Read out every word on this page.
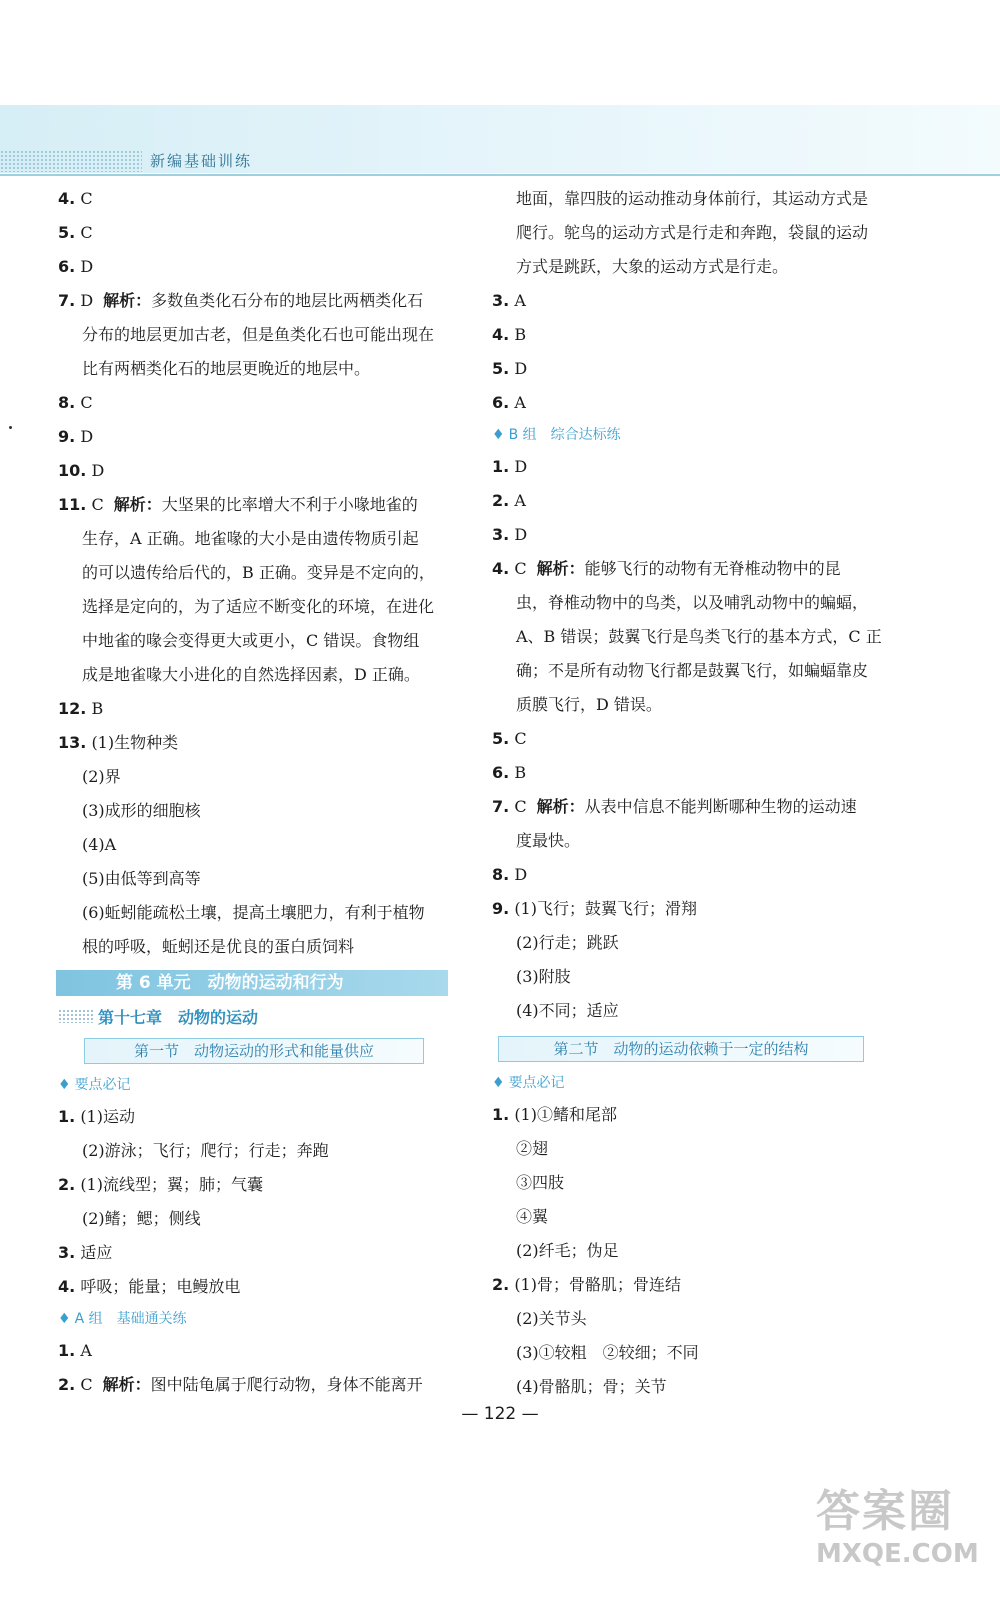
新编基础训练
4. C
5. C
6. D
7. D 解析：多数鱼类化石分布的地层比两栖类化石
分布的地层更加古老，但是鱼类化石也可能出现在
比有两栖类化石的地层更晚近的地层中。
8. C
9. D
10. D
11. C 解析：大坚果的比率增大不利于小喙地雀的
生存，A 正确。地雀喙的大小是由遗传物质引起
的可以遗传给后代的，B 正确。变异是不定向的，
选择是定向的，为了适应不断变化的环境，在进化
中地雀的喙会变得更大或更小，C 错误。食物组
成是地雀喙大小进化的自然选择因素，D 正确。
12. B
13. (1)生物种类
(2)界
(3)成形的细胞核
(4)A
(5)由低等到高等
(6)蚯蚓能疏松土壤，提高土壤肥力，有利于植物
根的呼吸，蚯蚓还是优良的蛋白质饲料
第 6 单元　动物的运动和行为
第十七章　动物的运动
第一节　动物运动的形式和能量供应
♦ 要点必记
1. (1)运动
(2)游泳；飞行；爬行；行走；奔跑
2. (1)流线型；翼；肺；气囊
(2)鳍；鳃；侧线
3. 适应
4. 呼吸；能量；电鳗放电
♦ A 组　基础通关练
1. A
2. C 解析：图中陆龟属于爬行动物，身体不能离开
地面，靠四肢的运动推动身体前行，其运动方式是
爬行。鸵鸟的运动方式是行走和奔跑，袋鼠的运动
方式是跳跃，大象的运动方式是行走。
3. A
4. B
5. D
6. A
♦ B 组　综合达标练
1. D
2. A
3. D
4. C 解析：能够飞行的动物有无脊椎动物中的昆
虫，脊椎动物中的鸟类，以及哺乳动物中的蝙蝠，
A、B 错误；鼓翼飞行是鸟类飞行的基本方式，C 正
确；不是所有动物飞行都是鼓翼飞行，如蝙蝠靠皮
质膜飞行，D 错误。
5. C
6. B
7. C 解析：从表中信息不能判断哪种生物的运动速
度最快。
8. D
9. (1)飞行；鼓翼飞行；滑翔
(2)行走；跳跃
(3)附肢
(4)不同；适应
第二节　动物的运动依赖于一定的结构
♦ 要点必记
1. (1)①鳍和尾部
②翅
③四肢
④翼
(2)纤毛；伪足
2. (1)骨；骨骼肌；骨连结
(2)关节头
(3)①较粗　②较细；不同
(4)骨骼肌；骨；关节
— 122 —
答案圈
MXQE.COM
